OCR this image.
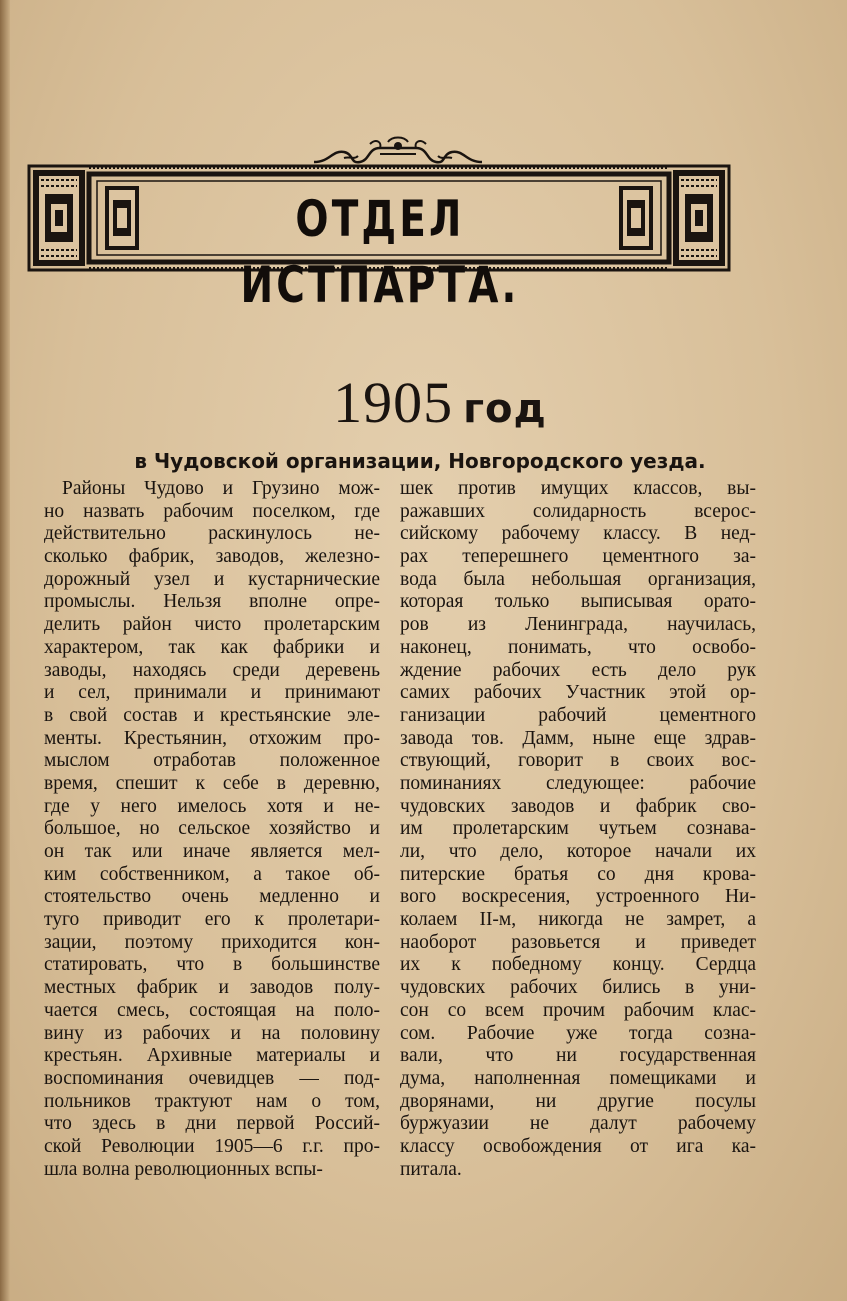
ОТДЕЛ ИСТПАРТА.
1905 год
в Чудовской организации, Новгородского уезда.
Районы Чудово и Грузино мож-
но назвать рабочим поселком, где
действительно раскинулось не-
сколько фабрик, заводов, железно-
дорожный узел и кустарнические
промыслы. Нельзя вполне опре-
делить район чисто пролетарским
характером, так как фабрики и
заводы, находясь среди деревень
и сел, принимали и принимают
в свой состав и крестьянские эле-
менты. Крестьянин, отхожим про-
мыслом отработав положенное
время, спешит к себе в деревню,
где у него имелось хотя и не-
большое, но сельское хозяйство и
он так или иначе является мел-
ким собственником, а такое об-
стоятельство очень медленно и
туго приводит его к пролетари-
зации, поэтому приходится кон-
статировать, что в большинстве
местных фабрик и заводов полу-
чается смесь, состоящая на поло-
вину из рабочих и на половину
крестьян. Архивные материалы и
воспоминания очевидцев — под-
польников трактуют нам о том,
что здесь в дни первой Россий-
ской Революции 1905—6 г.г. про-
шла волна революционных вспы-
шек против имущих классов, вы-
ражавших солидарность всерос-
сийскому рабочему классу. В нед-
рах теперешнего цементного за-
вода была небольшая организация,
которая только выписывая орато-
ров из Ленинграда, научилась,
наконец, понимать, что освобо-
ждение рабочих есть дело рук
самих рабочих Участник этой ор-
ганизации рабочий цементного
завода тов. Дамм, ныне еще здрав-
ствующий, говорит в своих вос-
поминаниях следующее: рабочие
чудовских заводов и фабрик сво-
им пролетарским чутьем сознава-
ли, что дело, которое начали их
питерские братья со дня крова-
вого воскресения, устроенного Ни-
колаем II-м, никогда не замрет, а
наоборот разовьется и приведет
их к победному концу. Сердца
чудовских рабочих бились в уни-
сон со всем прочим рабочим клас-
сом. Рабочие уже тогда созна-
вали, что ни государственная
дума, наполненная помещиками и
дворянами, ни другие посулы
буржуазии не далут рабочему
классу освобождения от ига ка-
питала.
